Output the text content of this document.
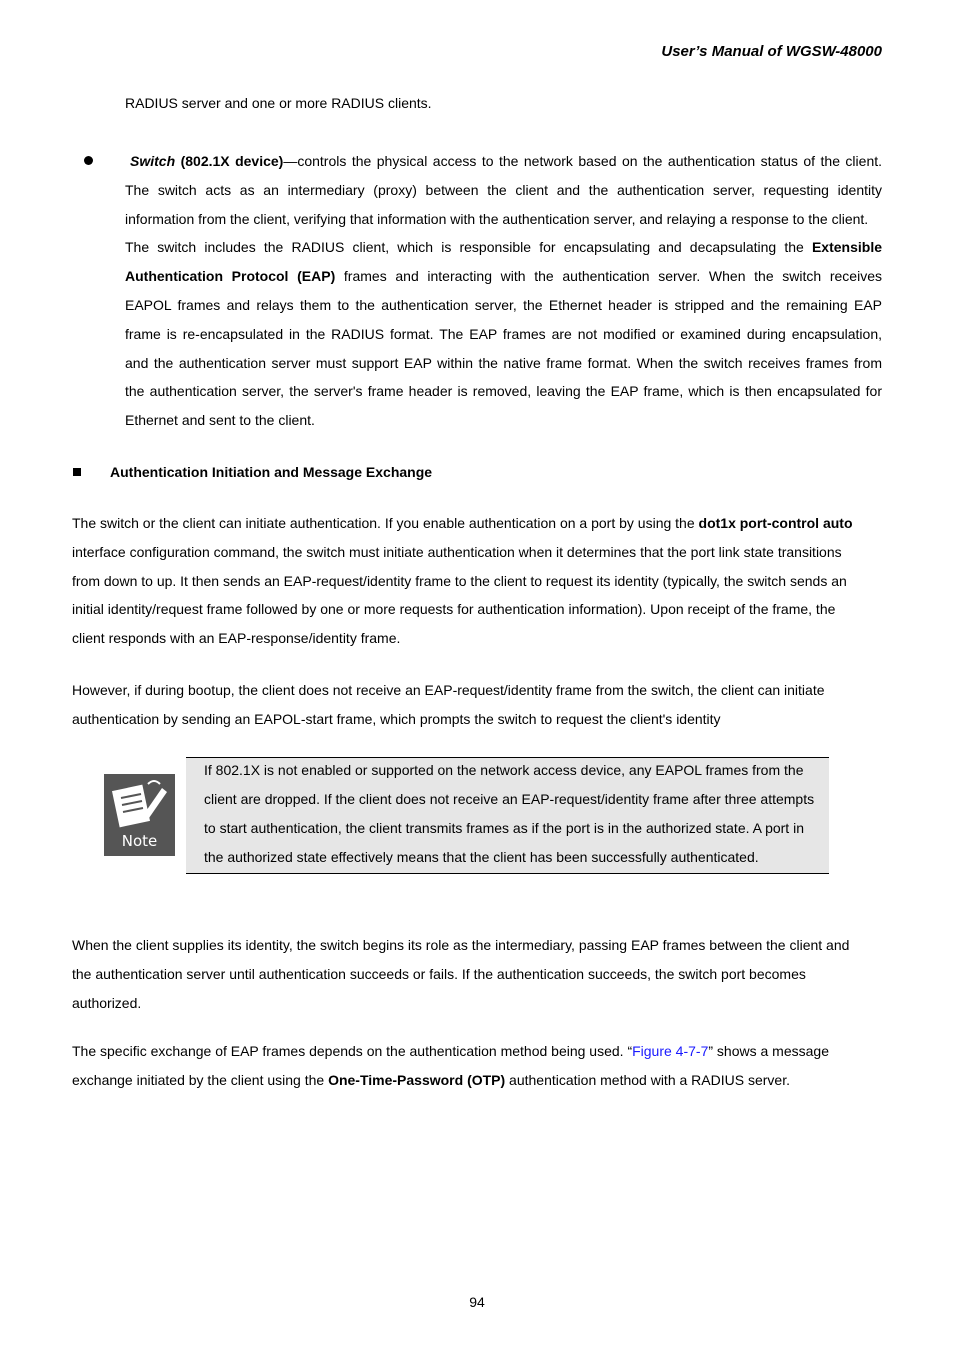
User’s Manual of WGSW-48000
RADIUS server and one or more RADIUS clients.
Switch (802.1X device)—controls the physical access to the network based on the authentication status of the client.
The switch acts as an intermediary (proxy) between the client and the authentication server, requesting identity
information from the client, verifying that information with the authentication server, and relaying a response to the client.
The switch includes the RADIUS client, which is responsible for encapsulating and decapsulating the Extensible
Authentication Protocol (EAP) frames and interacting with the authentication server. When the switch receives
EAPOL frames and relays them to the authentication server, the Ethernet header is stripped and the remaining EAP
frame is re-encapsulated in the RADIUS format. The EAP frames are not modified or examined during encapsulation,
and the authentication server must support EAP within the native frame format. When the switch receives frames from
the authentication server, the server's frame header is removed, leaving the EAP frame, which is then encapsulated for
Ethernet and sent to the client.
Authentication Initiation and Message Exchange
The switch or the client can initiate authentication. If you enable authentication on a port by using the dot1x port-control auto
interface configuration command, the switch must initiate authentication when it determines that the port link state transitions
from down to up. It then sends an EAP-request/identity frame to the client to request its identity (typically, the switch sends an
initial identity/request frame followed by one or more requests for authentication information). Upon receipt of the frame, the
client responds with an EAP-response/identity frame.
However, if during bootup, the client does not receive an EAP-request/identity frame from the switch, the client can initiate
authentication by sending an EAPOL-start frame, which prompts the switch to request the client's identity
Note
If 802.1X is not enabled or supported on the network access device, any EAPOL frames from the
client are dropped. If the client does not receive an EAP-request/identity frame after three attempts
to start authentication, the client transmits frames as if the port is in the authorized state. A port in
the authorized state effectively means that the client has been successfully authenticated.
When the client supplies its identity, the switch begins its role as the intermediary, passing EAP frames between the client and
the authentication server until authentication succeeds or fails. If the authentication succeeds, the switch port becomes
authorized.
The specific exchange of EAP frames depends on the authentication method being used. “Figure 4-7-7” shows a message
exchange initiated by the client using the One-Time-Password (OTP) authentication method with a RADIUS server.
94
